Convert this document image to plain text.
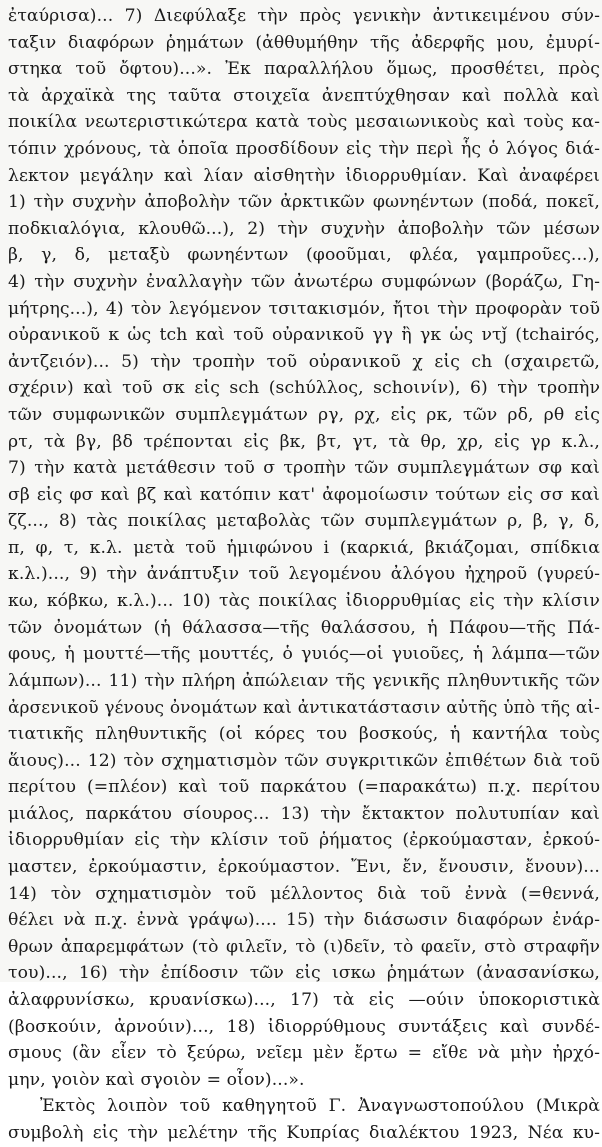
ἐταύρισα)... 7) Διεφύλαξε τὴν πρὸς γενικὴν ἀντικειμένου σύν-
ταξιν διαφόρων ῥημάτων (ἀθθυμήθην τῆς ἀδερφῆς μου, ἐμυρί-
στηκα τοῦ ὄφτου)...». Ἐκ παραλλήλου ὅμως, προσθέτει, πρὸς
τὰ ἀρχαϊκὰ της ταῦτα στοιχεῖα ἀνεπτύχθησαν καὶ πολλὰ καὶ
ποικίλα νεωτεριστικώτερα κατὰ τοὺς μεσαιωνικοὺς καὶ τοὺς κα-
τόπιν χρόνους, τὰ ὁποῖα προσδίδουν εἰς τὴν περὶ ἧς ὁ λόγος διά-
λεκτον μεγάλην καὶ λίαν αἰσθητὴν ἰδιορρυθμίαν. Καὶ ἀναφέρει
1) τὴν συχνὴν ἀποβολὴν τῶν ἀρκτικῶν φωνηέντων (ποδά, ποκεῖ,
ποδκιαλόγια, κλουθῶ...), 2) τὴν συχνὴν ἀποβολὴν τῶν μέσων
β, γ, δ, μεταξὺ φωνηέντων (φοοῦμαι, φλέα, γαμπροῦες...),
4) τὴν συχνὴν ἐναλλαγὴν τῶν ἀνωτέρω συμφώνων (βοράζω, Γη-
μήτρης...), 4) τὸν λεγόμενον τσιτακισμόν, ἤτοι τὴν προφορὰν τοῦ
οὐρανικοῦ κ ὡς tch καὶ τοῦ οὐρανικοῦ γγ ἢ γκ ὡς ντȷ̌ (tchairός,
ἀντζειόν)... 5) τὴν τροπὴν τοῦ οὐρανικοῦ χ εἰς ch (σχαιρετῶ,
σχέριν) καὶ τοῦ σκ εἰς sch (schύλλος, schoινίν), 6) τὴν τροπὴν
τῶν συμφωνικῶν συμπλεγμάτων ργ, ρχ, εἰς ρκ, τῶν ρδ, ρθ εἰς
ρτ, τὰ βγ, βδ τρέπονται εἰς βκ, βτ, γτ, τὰ θρ, χρ, εἰς γρ κ.λ.,
7) τὴν κατὰ μετάθεσιν τοῦ σ τροπὴν τῶν συμπλεγμάτων σφ καὶ
σβ εἰς φσ καὶ βζ καὶ κατόπιν κατ' ἀφομοίωσιν τούτων εἰς σσ καὶ
ζζ..., 8) τὰς ποικίλας μεταβολὰς τῶν συμπλεγμάτων ρ, β, γ, δ,
π, φ, τ, κ.λ. μετὰ τοῦ ἡμιφώνου i (καρκιά, βκιάζομαι, σπίδκια
κ.λ.)..., 9) τὴν ἀνάπτυξιν τοῦ λεγομένου ἀλόγου ἠχηροῦ (γυρεύ-
κω, κόβκω, κ.λ.)... 10) τὰς ποικίλας ἰδιορρυθμίας εἰς τὴν κλίσιν
τῶν ὀνομάτων (ἡ θάλασσα—τῆς θαλάσσου, ἡ Πάφου—τῆς Πά-
φους, ἡ μουττέ—τῆς μουττές, ὁ γυιός—οἱ γυιοῦες, ἡ λάμπα—τῶν
λάμπων)... 11) τὴν πλήρη ἀπώλειαν τῆς γενικῆς πληθυντικῆς τῶν
ἀρσενικοῦ γένους ὀνομάτων καὶ ἀντικατάστασιν αὐτῆς ὑπὸ τῆς αἰ-
τιατικῆς πληθυντικῆς (οἱ κόρες του βοσκούς, ἡ καντήλα τοὺς
ἅιους)... 12) τὸν σχηματισμὸν τῶν συγκριτικῶν ἐπιθέτων διὰ τοῦ
περίτου (=πλέον) καὶ τοῦ παρκάτου (=παρακάτω) π.χ. περίτου
μιάλος, παρκάτου σίουρος... 13) τὴν ἔκτακτον πολυτυπίαν καὶ
ἰδιορρυθμίαν εἰς τὴν κλίσιν τοῦ ῥήματος (ἐρκούμασταν, ἐρκού-
μαστεν, ἐρκούμαστιν, ἐρκούμαστον. Ἔνι, ἔν, ἔνουσιν, ἔνουν)...
14) τὸν σχηματισμὸν τοῦ μέλλοντος διὰ τοῦ ἐννὰ (=θεννά,
θέλει νὰ π.χ. ἐννὰ γράψω).... 15) τὴν διάσωσιν διαφόρων ἐνάρ-
θρων ἀπαρεμφάτων (τὸ φιλεῖν, τὸ (ι)δεῖν, τὸ φαεῖν, στὸ στραφῆν
του)..., 16) τὴν ἐπίδοσιν τῶν εἰς ισκω ῥημάτων (ἀνασανίσκω,
ἀλαφρυνίσκω, κρυανίσκω)..., 17) τὰ εἰς —ούιν ὑποκοριστικὰ
(βοσκούιν, ἀρνούιν)..., 18) ἰδιορρύθμους συντάξεις καὶ συνδέ-
σμους (ἂν εἶεν τὸ ξεύρω, νεῖεμ μὲν ἔρτω = εἴθε νὰ μὴν ἠρχό-
μην, γοιὸν καὶ σγοιὸν = οἷον)...».
Ἐκτὸς λοιπὸν τοῦ καθηγητοῦ Γ. Ἀναγνωστοπούλου (Μικρὰ
συμβολὴ εἰς τὴν μελέτην τῆς Κυπρίας διαλέκτου 1923, Νέα κυ-
